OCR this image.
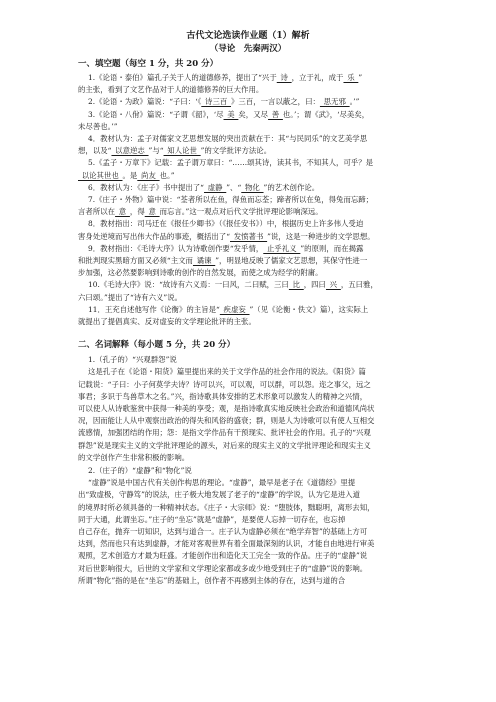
古代文论选读作业题（1）解析
（导论　先秦两汉）
一、填空题（每空 1 分，共 20 分）
1.《论语・泰伯》篇孔子关于人的道德修养，提出了“兴于 诗 ，立于礼，成于 乐 ”
的主张，看到了文艺作品对于人的道德修养的巨大作用。
2.《论语・为政》篇说：“子曰：‘《 诗三百 》三百，一言以蔽之，曰： 思无邪 。’”
3.《论语・八佾》篇说：“子谓《韶》，‘尽 美 矣，又尽 善 也。’；谓《武》，‘尽美矣，
未尽善也。’”
4．教材认为：孟子对儒家文艺思想发展的突出贡献在于：其“与民同乐”的文艺美学思
想，以及“ 以意逆志 ”与“ 知人论世 ”的文学批评方法论。
5.《孟子・万章下》记载：孟子谓万章曰：“……颂其诗，读其书，不知其人，可乎？是
 以论其世也 。是 尚友 也。”
6．教材认为：《庄子》书中提出了“ 虚静 ”、“ 物化 ”的艺术创作论。
7.《庄子・外物》篇中说：“荃者所以在鱼，得鱼而忘荃；蹄者所以在兔，得兔而忘蹄；
言者所以在 意 ，得 意 而忘言。”这一观点对后代文学批评理论影响深远。
8．教材指出：司马迁在《报任少卿书》（《报任安书》）中，根据历史上许多伟人受迫
害身处逆境而写出伟大作品的事迹，概括出了“ 发愤著书 ”说，这是一种进步的文学思想。
9．教材指出：《毛诗大序》认为诗歌创作要“发乎情， 止乎礼义 ”的原则，而在揭露
和批判现实黑暗方面又必须“主文而 谲谏 ”，明显地反映了儒家文艺思想，其保守性进一
步加强，这必然要影响到诗歌的创作的自然发展，而使之成为经学的附庸。
10.《毛诗大序》说：“故诗有六义焉：一曰风，二曰赋，三曰 比 ，四曰 兴 ，五曰雅，
六曰颂。”提出了“诗有六义”说。
11．王充自述他写作《论衡》的主旨是“ 疾虚妄 ”（见《论衡・佚文》篇），这实际上
就提出了提倡真实、反对虚妄的文学理论批评的主张。
二、名词解释（每小题 5 分，共 20 分）
1.（孔子的）“兴观群怨”说
这是孔子在《论语・阳货》篇里提出来的关于文学作品的社会作用的说法。《阳货》篇
记载说：“子曰：小子何莫学夫诗？诗可以兴，可以观，可以群，可以怨。迩之事父，远之
事君；多识于鸟兽草木之名。”兴，指诗歌具体安排的艺术形象可以激发人的精神之兴情，
可以使人从诗歌鉴赏中获得一种美的享受；观，是指诗歌真实地反映社会政治和道德风尚状
况，因而能让人从中观察出政治的得失和风俗的盛衰；群，则是人为诗歌可以有使人互相交
流感情，加强团结的作用；怨：是指文学作品有干预现实、批评社会的作用。孔子的“兴观
群怨”说是现实主义的文学批评理论的源头，对后来的现实主义的文学批评理论和现实主义
的文学创作产生非常积极的影响。
2.（庄子的）“虚静”和“物化”说
“虚静”说是中国古代有关创作构思的理论。“虚静”，最早是老子在《道德经》里提
出“致虚极，守静笃”的说法，庄子极大地发展了老子的“虚静”的学说，认为它是进入道
的境界时所必须具备的一种精神状态。《庄子・大宗师》说：“堕肢体，黜聪明，离形去知，
同于大通，此谓坐忘。”庄子的“坐忘”就是“虚静”，是要使人忘掉一切存在，也忘掉
自己存在，抛弃一切知识，达到与道合一。庄子认为虚静必须在“绝学弃智”的基础上方可
达到，然而也只有达到虚静，才能对客观世界有着全面最深刻的认识，才能自由地进行审美
观照，艺术创造方才最为旺盛。才能创作出和造化天工完全一致的作品。庄子的“虚静”说
对后世影响很大，后世的文学家和文学理论家都或多或少地受到庄子的“虚静”说的影响。
所谓“物化”指的是在“坐忘”的基础上，创作者不再感到主体的存在，达到与道的合
